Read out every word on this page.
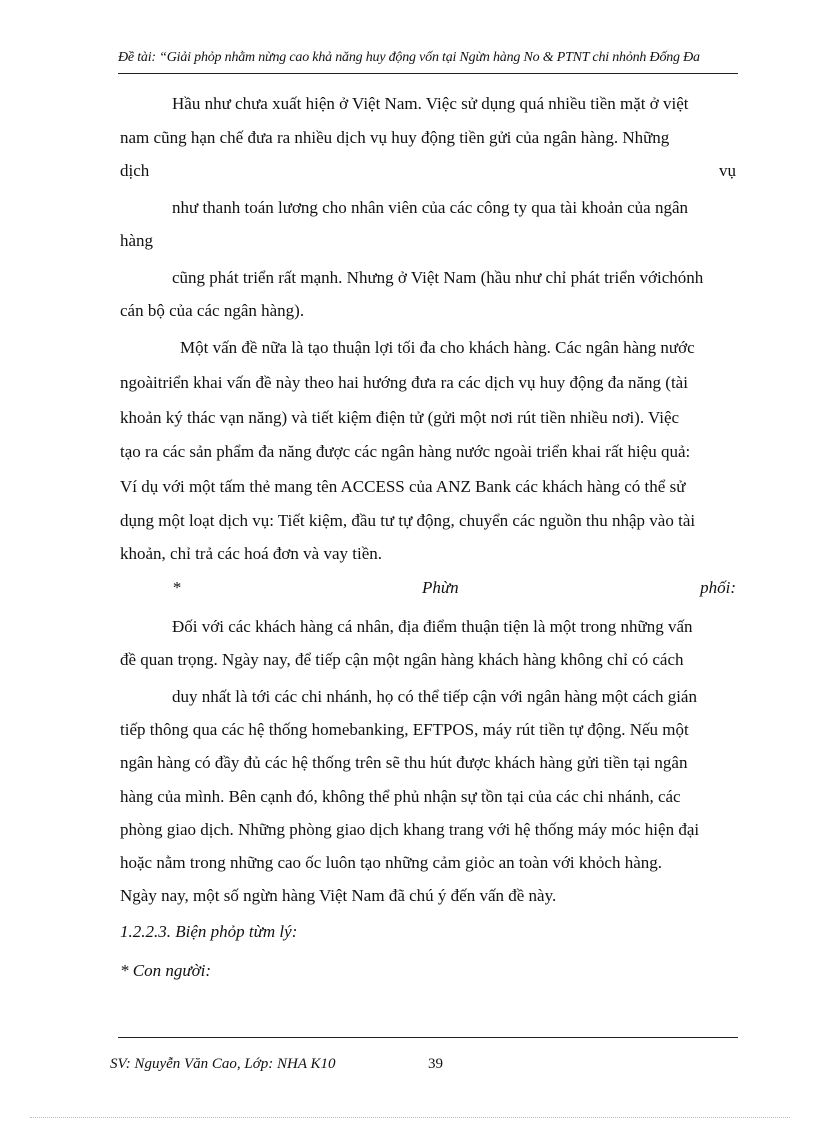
Đề tài: “Giải phỏp nhằm nừng cao khả năng huy động vốn tại Ngừn hàng No & PTNT chi nhỏnh Đống Đa
Hầu như chưa xuất hiện ở Việt Nam. Việc sử dụng quá nhiều tiền mặt ở việt
nam cũng hạn chế đưa ra nhiều dịch vụ huy động tiền gửi của ngân hàng. Những
dịch	vụ
như thanh toán lương cho nhân viên của các công ty qua tài khoản của ngân
hàng
cũng phát triển rất mạnh. Nhưng ở Việt Nam (hầu như chỉ phát triển vớichónh
cán bộ của các ngân hàng).
Một vấn đề nữa là tạo thuận lợi tối đa cho khách hàng. Các ngân hàng nước
ngoàitriển khai vấn đề này theo hai hướng đưa ra các dịch vụ huy động đa năng (tài
khoản ký thác vạn năng) và tiết kiệm điện tử (gửi một nơi rút tiền nhiều nơi). Việc
tạo ra các sản phẩm đa năng được các ngân hàng nước ngoài triển khai rất hiệu quả:
Ví dụ với một tấm thẻ mang tên ACCESS của ANZ Bank các khách hàng có thể sử
dụng một loạt dịch vụ: Tiết kiệm, đầu tư tự động, chuyển các nguồn thu nhập vào tài
khoản, chỉ trả các hoá đơn và vay tiền.
*	Phừn	phối:
Đối với các khách hàng cá nhân, địa điểm thuận tiện là một trong những vấn
đề quan trọng. Ngày nay, để tiếp cận một ngân hàng khách hàng không chỉ có cách
duy nhất là tới các chi nhánh, họ có thể tiếp cận với ngân hàng một cách gián
tiếp thông qua các hệ thống homebanking, EFTPOS, máy rút tiền tự động. Nếu một
ngân hàng có đầy đủ các hệ thống trên sẽ thu hút được khách hàng gửi tiền tại ngân
hàng của mình. Bên cạnh đó, không thể phủ nhận sự tồn tại của các chi nhánh, các
phòng giao dịch. Những phòng giao dịch khang trang với hệ thống máy móc hiện đại
hoặc nằm trong những cao ốc luôn tạo những cảm giỏc an toàn với khỏch hàng.
Ngày nay, một số ngừn hàng Việt Nam đã chú ý đến vấn đề này.
1.2.2.3. Biện phỏp từm lý:
* Con người:
SV: Nguyễn Văn Cao, Lớp: NHA K10	39
